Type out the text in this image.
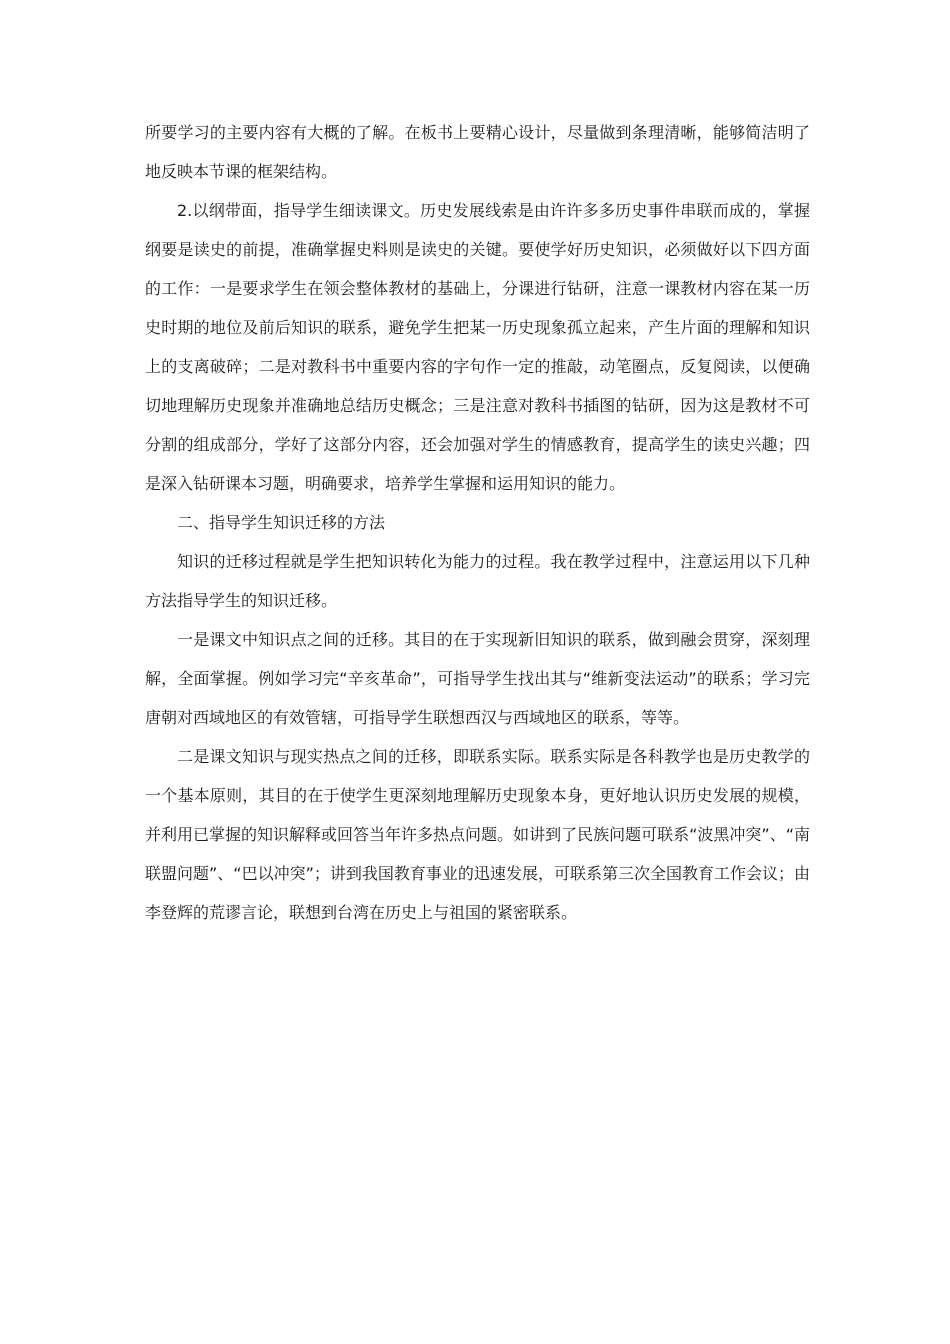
所要学习的主要内容有大概的了解。在板书上要精心设计，尽量做到条理清晰，能够简洁明了地反映本节课的框架结构。

2.以纲带面，指导学生细读课文。历史发展线索是由许许多多历史事件串联而成的，掌握纲要是读史的前提，准确掌握史料则是读史的关键。要使学好历史知识，必须做好以下四方面的工作：一是要求学生在领会整体教材的基础上，分课进行钻研，注意一课教材内容在某一历史时期的地位及前后知识的联系，避免学生把某一历史现象孤立起来，产生片面的理解和知识上的支离破碎；二是对教科书中重要内容的字句作一定的推敲，动笔圈点，反复阅读，以便确切地理解历史现象并准确地总结历史概念；三是注意对教科书插图的钻研，因为这是教材不可分割的组成部分，学好了这部分内容，还会加强对学生的情感教育，提高学生的读史兴趣；四是深入钻研课本习题，明确要求，培养学生掌握和运用知识的能力。

二、指导学生知识迁移的方法

知识的迁移过程就是学生把知识转化为能力的过程。我在教学过程中，注意运用以下几种方法指导学生的知识迁移。

一是课文中知识点之间的迁移。其目的在于实现新旧知识的联系，做到融会贯穿，深刻理解，全面掌握。例如学习完“辛亥革命”，可指导学生找出其与“维新变法运动”的联系；学习完唐朝对西域地区的有效管辖，可指导学生联想西汉与西域地区的联系，等等。

二是课文知识与现实热点之间的迁移，即联系实际。联系实际是各科教学也是历史教学的一个基本原则，其目的在于使学生更深刻地理解历史现象本身，更好地认识历史发展的规模，并利用已掌握的知识解释或回答当年许多热点问题。如讲到了民族问题可联系“波黑冲突”、“南联盟问题”、“巴以冲突”；讲到我国教育事业的迅速发展，可联系第三次全国教育工作会议；由李登辉的荒谬言论，联想到台湾在历史上与祖国的紧密联系。
